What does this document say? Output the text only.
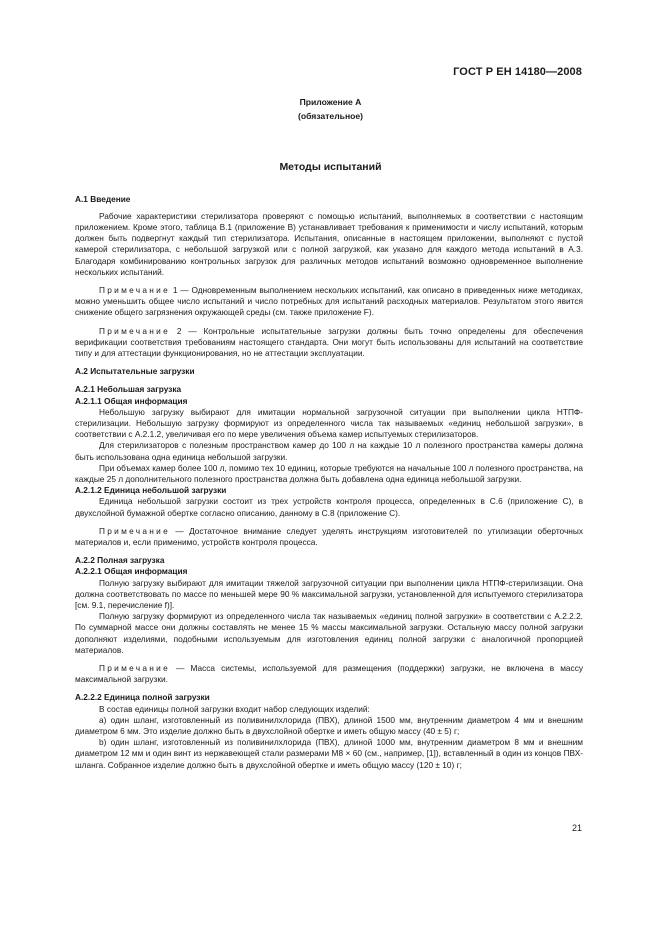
ГОСТ Р ЕН 14180—2008
Приложение А
(обязательное)
Методы испытаний

А.1 Введение

Рабочие характеристики стерилизатора проверяют с помощью испытаний, выполняемых в соответствии с настоящим приложением. Кроме этого, таблица В.1 (приложение В) устанавливает требования к применимости и числу испытаний, которым должен быть подвергнут каждый тип стерилизатора. Испытания, описанные в настоящем приложении, выполняют с пустой камерой стерилизатора, с небольшой загрузкой или с полной загрузкой, как указано для каждого метода испытаний в А.3. Благодаря комбинированию контрольных загрузок для различных методов испытаний возможно одновременное выполнение нескольких испытаний.

Примечание 1 — Одновременным выполнением нескольких испытаний, как описано в приведенных ниже методиках, можно уменьшить общее число испытаний и число потребных для испытаний расходных материалов. Результатом этого явится снижение общего загрязнения окружающей среды (см. также приложение F).

Примечание 2 — Контрольные испытательные загрузки должны быть точно определены для обеспечения верификации соответствия требованиям настоящего стандарта. Они могут быть использованы для испытаний на соответствие типу и для аттестации функционирования, но не аттестации эксплуатации.

А.2 Испытательные загрузки

А.2.1 Небольшая загрузка

А.2.1.1 Общая информация

Небольшую загрузку выбирают для имитации нормальной загрузочной ситуации при выполнении цикла НТПФ-стерилизации. Небольшую загрузку формируют из определенного числа так называемых «единиц небольшой загрузки», в соответствии с А.2.1.2, увеличивая его по мере увеличения объема камер испытуемых стерилизаторов.

Для стерилизаторов с полезным пространством камер до 100 л на каждые 10 л полезного пространства камеры должна быть использована одна единица небольшой загрузки.

При объемах камер более 100 л, помимо тех 10 единиц, которые требуются на начальные 100 л полезного пространства, на каждые 25 л дополнительного полезного пространства должна быть добавлена одна единица небольшой загрузки.

А.2.1.2 Единица небольшой загрузки

Единица небольшой загрузки состоит из трех устройств контроля процесса, определенных в С.6 (приложение С), в двухслойной бумажной обертке согласно описанию, данному в С.8 (приложение С).

Примечание — Достаточное внимание следует уделять инструкциям изготовителей по утилизации оберточных материалов и, если применимо, устройств контроля процесса.

А.2.2 Полная загрузка

А.2.2.1 Общая информация

Полную загрузку выбирают для имитации тяжелой загрузочной ситуации при выполнении цикла НТПФ-стерилизации. Она должна соответствовать по массе по меньшей мере 90 % максимальной загрузки, установленной для испытуемого стерилизатора [см. 9.1, перечисление f)].

Полную загрузку формируют из определенного числа так называемых «единиц полной загрузки» в соответствии с А.2.2.2. По суммарной массе они должны составлять не менее 15 % массы максимальной загрузки. Остальную массу полной загрузки дополняют изделиями, подобными используемым для изготовления единиц полной загрузки с аналогичной пропорцией материалов.

Примечание — Масса системы, используемой для размещения (поддержки) загрузки, не включена в массу максимальной загрузки.

А.2.2.2 Единица полной загрузки

В состав единицы полной загрузки входит набор следующих изделий:

a) один шланг, изготовленный из поливинилхлорида (ПВХ), длиной 1500 мм, внутренним диаметром 4 мм и внешним диаметром 6 мм. Это изделие должно быть в двухслойной обертке и иметь общую массу (40 ± 5) г;

b) один шланг, изготовленный из поливинилхлорида (ПВХ), длиной 1000 мм, внутренним диаметром 8 мм и внешним диаметром 12 мм и один винт из нержавеющей стали размерами М8 × 60 (см., например, [1]), вставленный в один из концов ПВХ-шланга. Собранное изделие должно быть в двухслойной обертке и иметь общую массу (120 ± 10) г;

21
